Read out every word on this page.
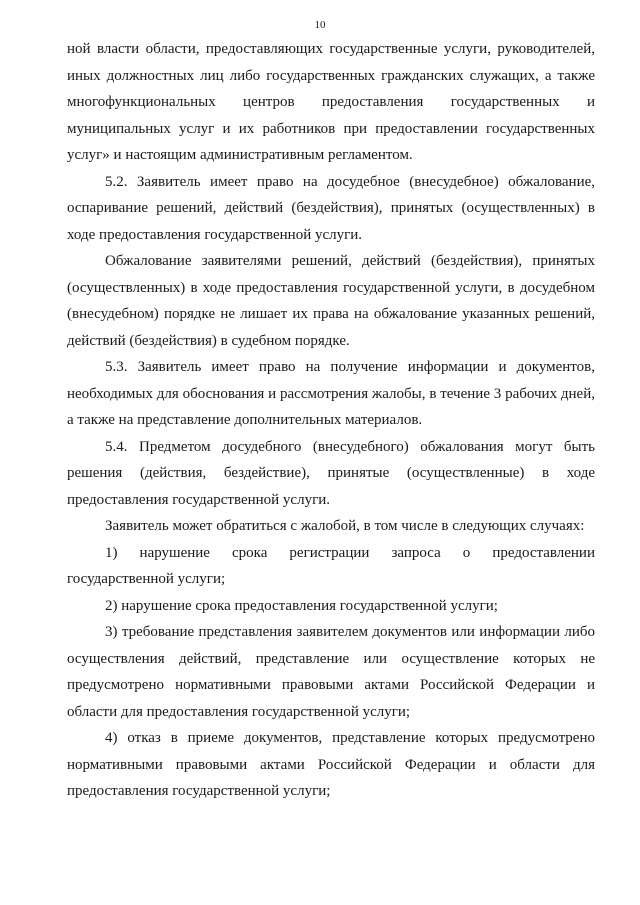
10

ной власти области, предоставляющих государственные услуги, руководителей, иных должностных лиц либо государственных гражданских служащих, а также многофункциональных центров предоставления государственных и муниципальных услуг и их работников при предоставлении государственных услуг» и настоящим административным регламентом.

5.2. Заявитель имеет право на досудебное (внесудебное) обжалование, оспаривание решений, действий (бездействия), принятых (осуществленных) в ходе предоставления государственной услуги.

Обжалование заявителями решений, действий (бездействия), принятых (осуществленных) в ходе предоставления государственной услуги, в досудебном (внесудебном) порядке не лишает их права на обжалование указанных решений, действий (бездействия) в судебном порядке.

5.3. Заявитель имеет право на получение информации и документов, необходимых для обоснования и рассмотрения жалобы, в течение 3 рабочих дней, а также на представление дополнительных материалов.

5.4. Предметом досудебного (внесудебного) обжалования могут быть решения (действия, бездействие), принятые (осуществленные) в ходе предоставления государственной услуги.

Заявитель может обратиться с жалобой, в том числе в следующих случаях:

1) нарушение срока регистрации запроса о предоставлении государственной услуги;

2) нарушение срока предоставления государственной услуги;

3) требование представления заявителем документов или информации либо осуществления действий, представление или осуществление которых не предусмотрено нормативными правовыми актами Российской Федерации и области для предоставления государственной услуги;

4) отказ в приеме документов, представление которых предусмотрено нормативными правовыми актами Российской Федерации и области для предоставления государственной услуги;
